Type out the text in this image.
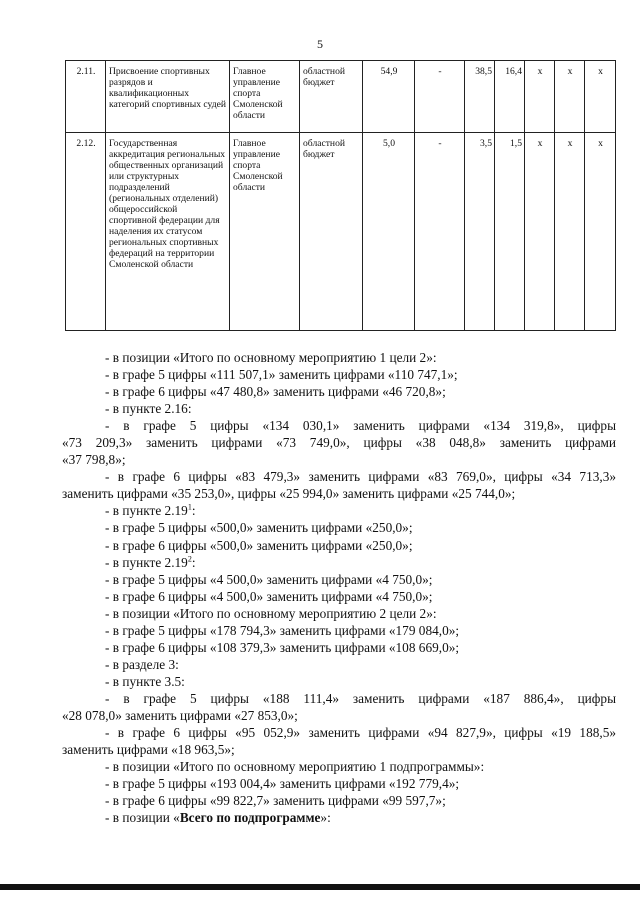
5
2.11.	Присвоение спортивных разрядов и квалификационных категорий спортивных судей	Главное управление спорта Смоленской области	областной бюджет	54,9	-	38,5	16,4	x	x	x
2.12.	Государственная аккредитация региональных общественных организаций или структурных подразделений (региональных отделений) общероссийской спортивной федерации для наделения их статусом региональных спортивных федераций на территории Смоленской области	Главное управление спорта Смоленской области	областной бюджет	5,0	-	3,5	1,5	x	x	x
- в позиции «Итого по основному мероприятию 1 цели 2»:
- в графе 5 цифры «111 507,1» заменить цифрами «110 747,1»;
- в графе 6 цифры «47 480,8» заменить цифрами «46 720,8»;
- в пункте 2.16:
- в графе 5 цифры «134 030,1» заменить цифрами «134 319,8», цифры
«73 209,3» заменить цифрами «73 749,0», цифры «38 048,8» заменить цифрами
«37 798,8»;
- в графе 6 цифры «83 479,3» заменить цифрами «83 769,0», цифры «34 713,3»
заменить цифрами «35 253,0», цифры «25 994,0» заменить цифрами «25 744,0»;
- в пункте 2.19$^1$:
- в графе 5 цифры «500,0» заменить цифрами «250,0»;
- в графе 6 цифры «500,0» заменить цифрами «250,0»;
- в пункте 2.19$^2$:
- в графе 5 цифры «4 500,0» заменить цифрами «4 750,0»;
- в графе 6 цифры «4 500,0» заменить цифрами «4 750,0»;
- в позиции «Итого по основному мероприятию 2 цели 2»:
- в графе 5 цифры «178 794,3» заменить цифрами «179 084,0»;
- в графе 6 цифры «108 379,3» заменить цифрами «108 669,0»;
- в разделе 3:
- в пункте 3.5:
- в графе 5 цифры «188 111,4» заменить цифрами «187 886,4», цифры
«28 078,0» заменить цифрами «27 853,0»;
- в графе 6 цифры «95 052,9» заменить цифрами «94 827,9», цифры «19 188,5»
заменить цифрами «18 963,5»;
- в позиции «Итого по основному мероприятию 1 подпрограммы»:
- в графе 5 цифры «193 004,4» заменить цифрами «192 779,4»;
- в графе 6 цифры «99 822,7» заменить цифрами «99 597,7»;
- в позиции «Всего по подпрограмме»:
